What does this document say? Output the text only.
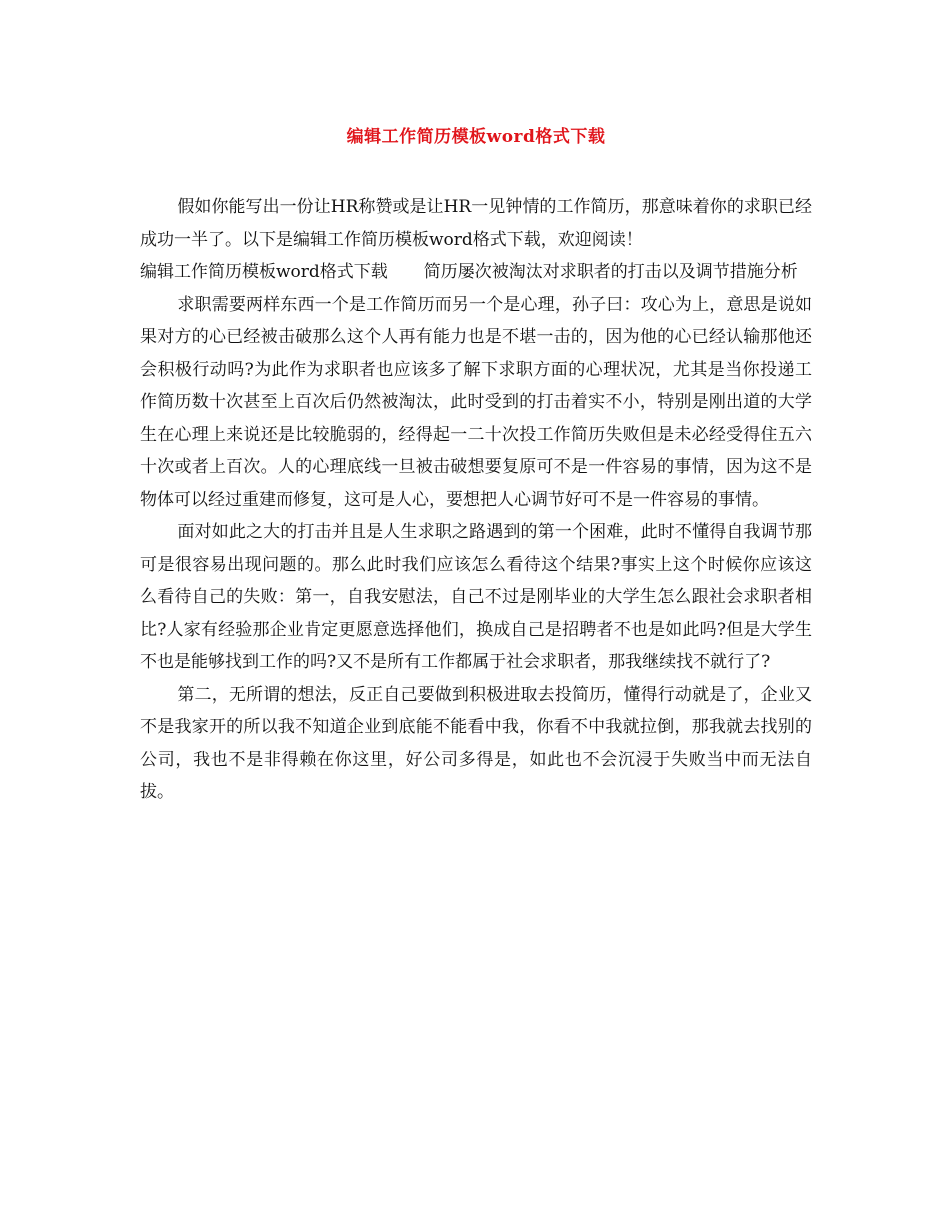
编辑工作简历模板word格式下载

假如你能写出一份让HR称赞或是让HR一见钟情的工作简历，那意味着你的求职已经成功一半了。以下是编辑工作简历模板word格式下载，欢迎阅读！

编辑工作简历模板word格式下载 简历屡次被淘汰对求职者的打击以及调节措施分析

求职需要两样东西一个是工作简历而另一个是心理，孙子曰：攻心为上，意思是说如果对方的心已经被击破那么这个人再有能力也是不堪一击的，因为他的心已经认输那他还会积极行动吗?为此作为求职者也应该多了解下求职方面的心理状况，尤其是当你投递工作简历数十次甚至上百次后仍然被淘汰，此时受到的打击着实不小，特别是刚出道的大学生在心理上来说还是比较脆弱的，经得起一二十次投工作简历失败但是未必经受得住五六十次或者上百次。人的心理底线一旦被击破想要复原可不是一件容易的事情，因为这不是物体可以经过重建而修复，这可是人心，要想把人心调节好可不是一件容易的事情。

面对如此之大的打击并且是人生求职之路遇到的第一个困难，此时不懂得自我调节那可是很容易出现问题的。那么此时我们应该怎么看待这个结果?事实上这个时候你应该这么看待自己的失败：第一，自我安慰法，自己不过是刚毕业的大学生怎么跟社会求职者相比?人家有经验那企业肯定更愿意选择他们，换成自己是招聘者不也是如此吗?但是大学生不也是能够找到工作的吗?又不是所有工作都属于社会求职者，那我继续找不就行了?

第二，无所谓的想法，反正自己要做到积极进取去投简历，懂得行动就是了，企业又不是我家开的所以我不知道企业到底能不能看中我，你看不中我就拉倒，那我就去找别的公司，我也不是非得赖在你这里，好公司多得是，如此也不会沉浸于失败当中而无法自拔。
